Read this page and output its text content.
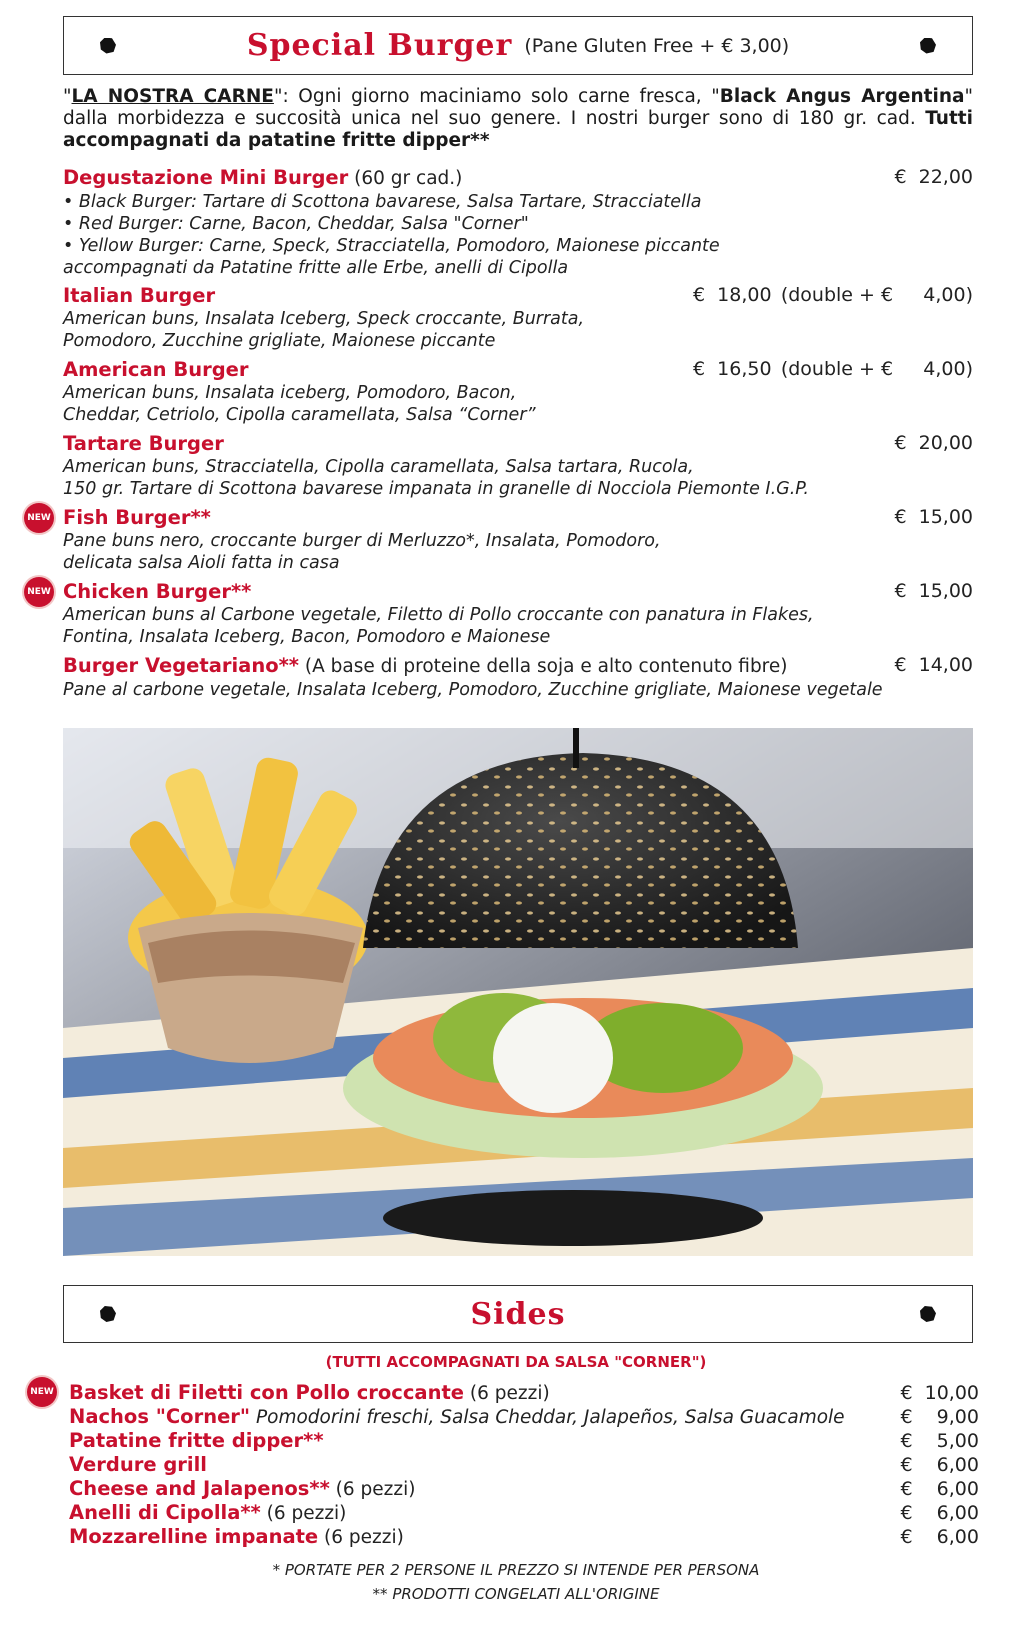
Special Burger (Pane Gluten Free + € 3,00)
"LA NOSTRA CARNE": Ogni giorno maciniamo solo carne fresca, "Black Angus Argentina" dalla morbidezza e succosità unica nel suo genere. I nostri burger sono di 180 gr. cad. Tutti accompagnati da patatine fritte dipper**
Degustazione Mini Burger (60 gr cad.)	€  22,00
• Black Burger: Tartare di Scottona bavarese, Salsa Tartare, Stracciatella
• Red Burger: Carne, Bacon, Cheddar, Salsa "Corner"
• Yellow Burger: Carne, Speck, Stracciatella, Pomodoro, Maionese piccante
accompagnati da Patatine fritte alle Erbe, anelli di Cipolla
Italian Burger	€  18,00 (double + €     4,00)
American buns, Insalata Iceberg, Speck croccante, Burrata,
Pomodoro, Zucchine grigliate, Maionese piccante
American Burger	€  16,50 (double + €     4,00)
American buns, Insalata iceberg, Pomodoro, Bacon,
Cheddar, Cetriolo, Cipolla caramellata, Salsa “Corner”
Tartare Burger	€  20,00
American buns, Stracciatella, Cipolla caramellata, Salsa tartara, Rucola,
150 gr. Tartare di Scottona bavarese impanata in granelle di Nocciola Piemonte I.G.P.
NEW Fish Burger**	€  15,00
Pane buns nero, croccante burger di Merluzzo*, Insalata, Pomodoro,
delicata salsa Aioli fatta in casa
NEW Chicken Burger**	€  15,00
American buns al Carbone vegetale, Filetto di Pollo croccante con panatura in Flakes,
Fontina, Insalata Iceberg, Bacon, Pomodoro e Maionese
Burger Vegetariano** (A base di proteine della soja e alto contenuto fibre)	€  14,00
Pane al carbone vegetale, Insalata Iceberg, Pomodoro, Zucchine grigliate, Maionese vegetale
Sides
(TUTTI ACCOMPAGNATI DA SALSA "CORNER")
NEW Basket di Filetti con Pollo croccante (6 pezzi)	€  10,00
Nachos "Corner" Pomodorini freschi, Salsa Cheddar, Jalapeños, Salsa Guacamole	€    9,00
Patatine fritte dipper**	€    5,00
Verdure grill	€    6,00
Cheese and Jalapenos** (6 pezzi)	€    6,00
Anelli di Cipolla** (6 pezzi)	€    6,00
Mozzarelline impanate (6 pezzi)	€    6,00
* PORTATE PER 2 PERSONE IL PREZZO SI INTENDE PER PERSONA
** PRODOTTI CONGELATI ALL'ORIGINE
